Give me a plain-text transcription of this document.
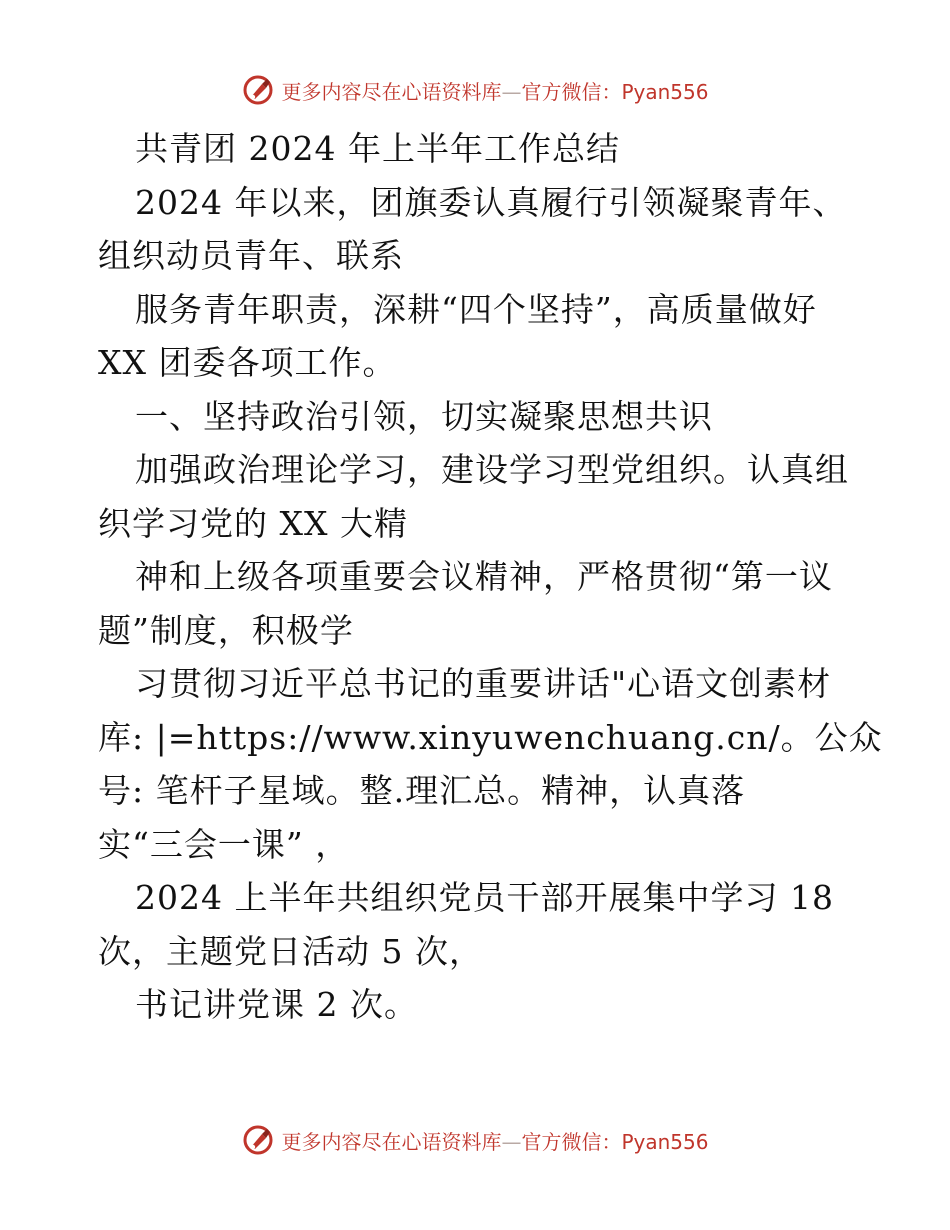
更多内容尽在心语资料库—官方微信：Pyan556
共青团 2024 年上半年工作总结
2024 年以来，团旗委认真履行引领凝聚青年、
组织动员青年、联系
服务青年职责，深耕“四个坚持”，高质量做好
XX 团委各项工作。
一、坚持政治引领，切实凝聚思想共识
加强政治理论学习，建设学习型党组织。认真组
织学习党的 XX 大精
神和上级各项重要会议精神，严格贯彻“第一议
题”制度，积极学
习贯彻习近平总书记的重要讲话"心语文创素材
库: |=https://www.xinyuwenchuang.cn/。公众
号: 笔杆子星域。整.理汇总。精神，认真落
实“三会一课” ，
2024 上半年共组织党员干部开展集中学习 18
次，主题党日活动 5 次，
书记讲党课 2 次。
更多内容尽在心语资料库—官方微信：Pyan556
